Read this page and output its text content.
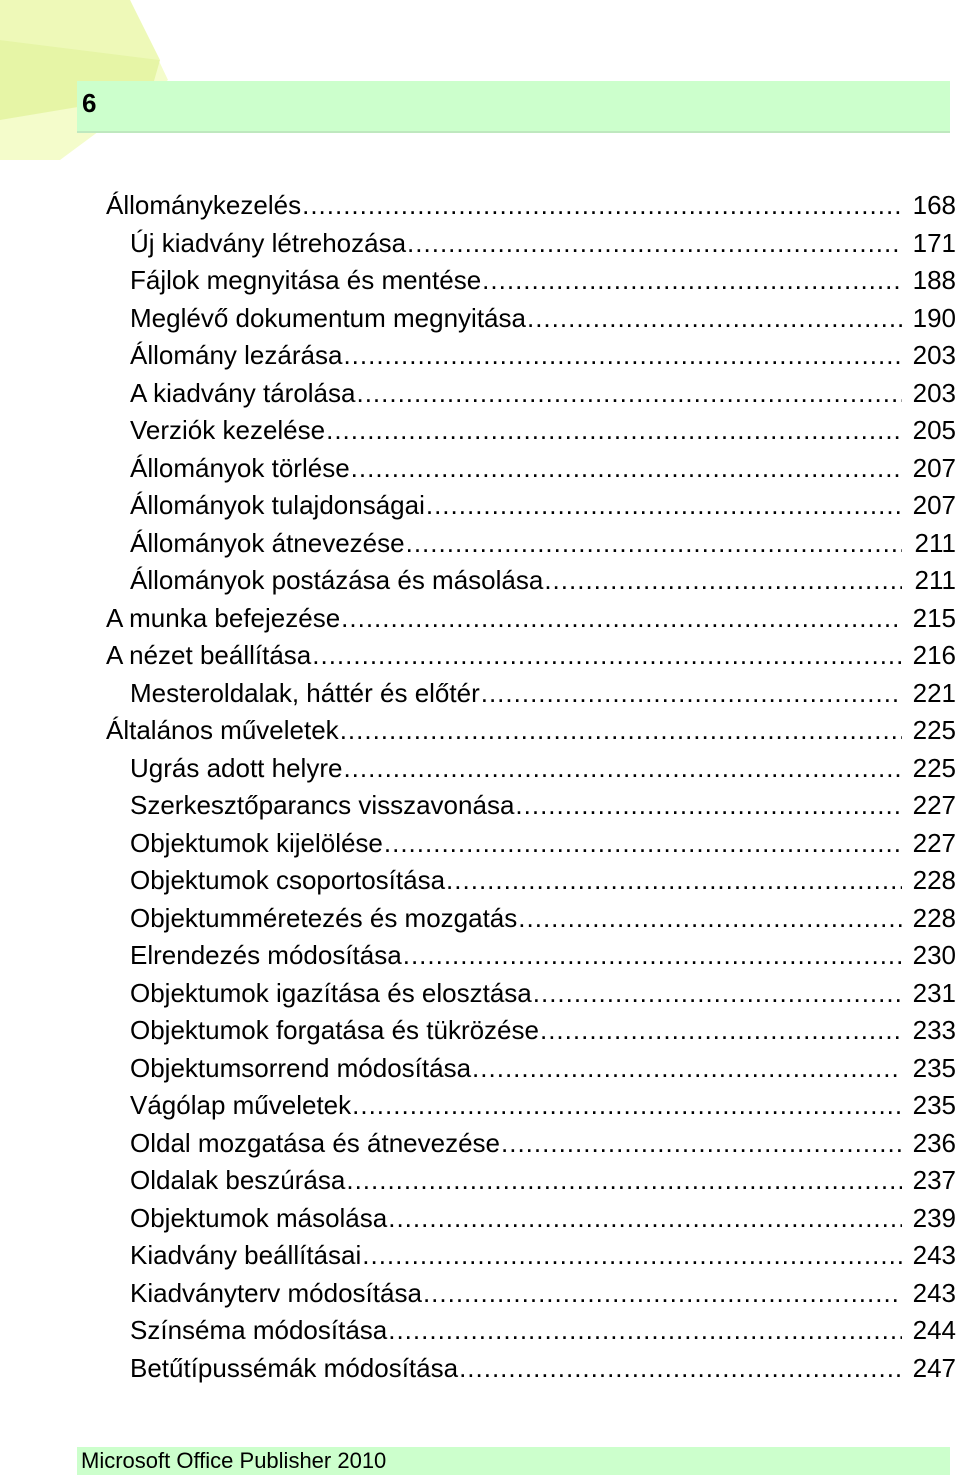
6
Állománykezelés .....	168
Új kiadvány létrehozása .....	171
Fájlok megnyitása és mentése .....	188
Meglévő dokumentum megnyitása .....	190
Állomány lezárása .....	203
A kiadvány tárolása .....	203
Verziók kezelése .....	205
Állományok törlése .....	207
Állományok tulajdonságai .....	207
Állományok átnevezése .....	211
Állományok postázása és másolása .....	211
A munka befejezése .....	215
A nézet beállítása .....	216
Mesteroldalak, háttér és előtér .....	221
Általános műveletek .....	225
Ugrás adott helyre .....	225
Szerkesztőparancs visszavonása .....	227
Objektumok kijelölése .....	227
Objektumok csoportosítása .....	228
Objektumméretezés és mozgatás .....	228
Elrendezés módosítása .....	230
Objektumok igazítása és elosztása .....	231
Objektumok forgatása és tükrözése .....	233
Objektumsorrend módosítása .....	235
Vágólap műveletek .....	235
Oldal mozgatása és átnevezése .....	236
Oldalak beszúrása .....	237
Objektumok másolása .....	239
Kiadvány beállításai .....	243
Kiadványterv módosítása .....	243
Színséma módosítása .....	244
Betűtípussémák módosítása .....	247
Microsoft Office Publisher 2010
